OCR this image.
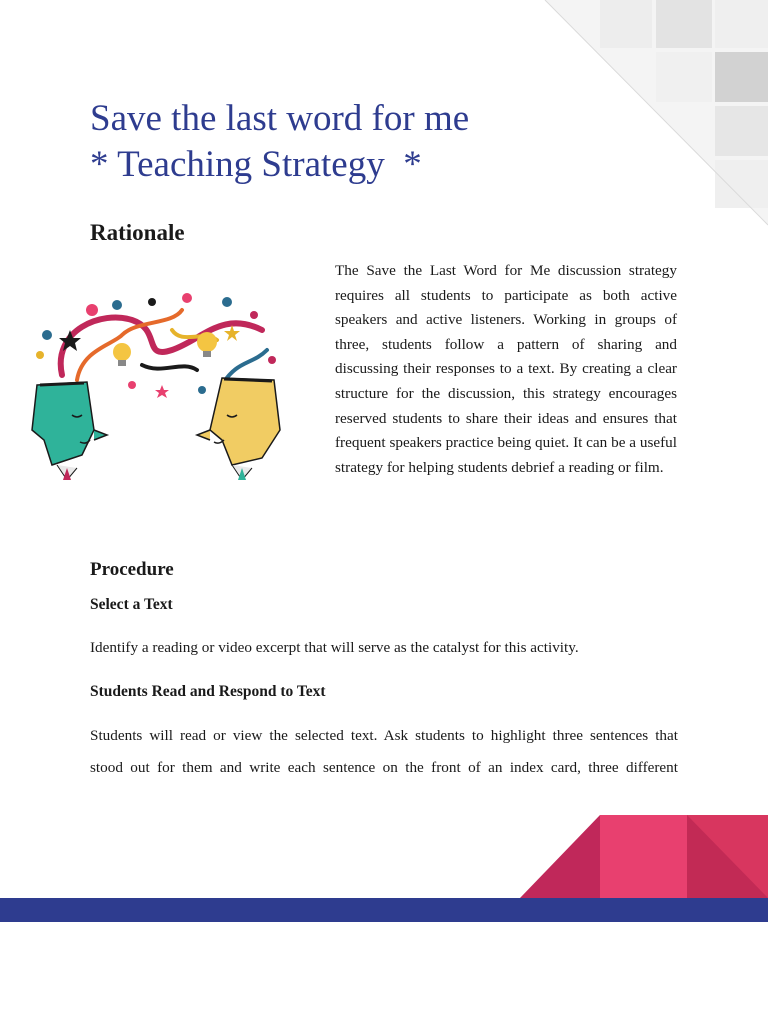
Save the last word for me
* Teaching Strategy  *
Rationale

The Save the Last Word for Me discussion strategy requires all students to participate as both active speakers and active listeners. Working in groups of three, students follow a pattern of sharing and discussing their responses to a text. By creating a clear structure for the discussion, this strategy encourages reserved students to share their ideas and ensures that frequent speakers practice being quiet. It can be a useful strategy for helping students debrief a reading or film.

Procedure
Select a Text

Identify a reading or video excerpt that will serve as the catalyst for this activity.

Students Read and Respond to Text

Students will read or view the selected text. Ask students to highlight three sentences that

stood out for them and write each sentence on the front of an index card, three different
